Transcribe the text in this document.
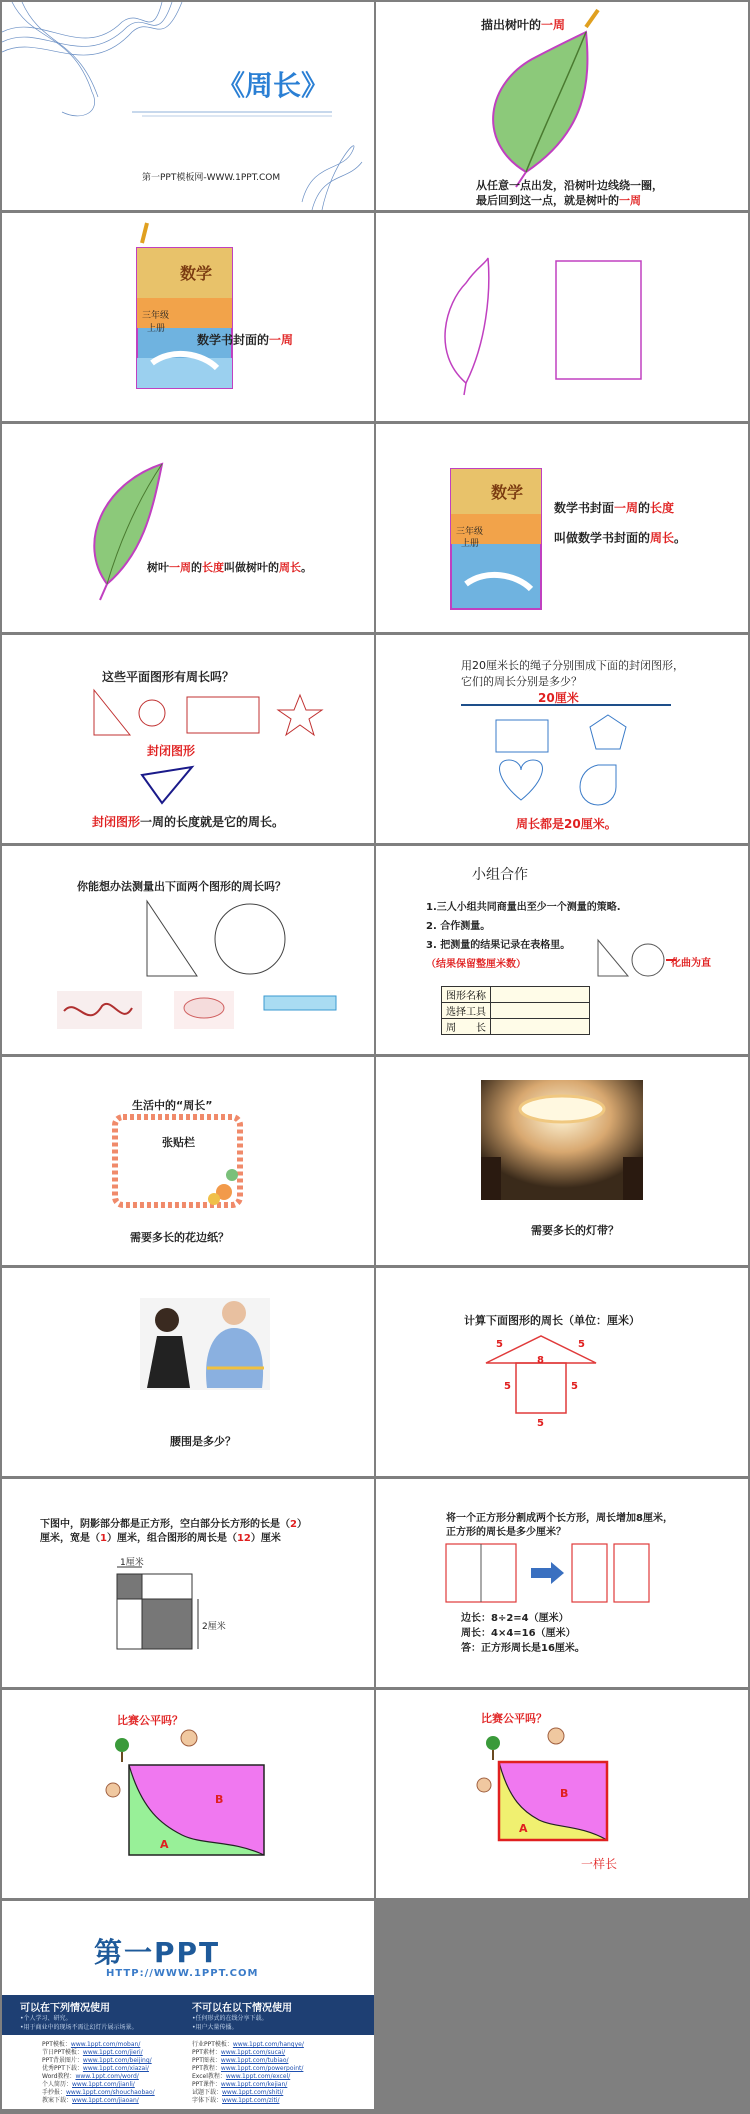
《周长》
第一PPT模板网-WWW.1PPT.COM
描出树叶的一周
从任意一点出发，沿树叶边线绕一圈，
最后回到这一点，就是树叶的一周
数学
三年级
上册
数学书封面的一周
树叶一周的长度叫做树叶的周长。
数学
三年级
上册
数学书封面一周的长度
叫做数学书封面的周长。
这些平面图形有周长吗？
封闭图形
封闭图形一周的长度就是它的周长。
用20厘米长的绳子分别围成下面的封闭图形，
它们的周长分别是多少？
20厘米
周长都是20厘米。
你能想办法测量出下面两个图形的周长吗？
小组合作
1.三人小组共同商量出至少一个测量的策略.
2. 合作测量。
3. 把测量的结果记录在表格里。
（结果保留整厘米数）	化曲为直
图形名称	
选择工具	
周　　长	
生活中的“周长”
张贴栏
需要多长的花边纸？
需要多长的灯带？
腰围是多少？
计算下面图形的周长（单位：厘米）
5	5
8
5	5
5
下图中，阴影部分都是正方形，空白部分长方形的长是（2）
厘米，宽是（1）厘米，组合图形的周长是（12）厘米
1厘米
2厘米
将一个正方形分割成两个长方形，周长增加8厘米，
正方形的周长是多少厘米？
边长：8÷2=4（厘米）
周长：4×4=16（厘米）
答：正方形周长是16厘米。
比赛公平吗？
B
A
比赛公平吗？
B
A
一样长
第一PPT
HTTP://WWW.1PPT.COM
可以在下列情况使用
•个人学习、研究。
•用于商业中的现场不需让幻灯片展示场景。
不可以在以下情况使用
•任何形式的在线分享下载。
•用户大量传播。
PPT模板：www.1ppt.com/moban/
节日PPT模板：www.1ppt.com/jieri/
PPT背景图片：www.1ppt.com/beijing/
优秀PPT下载：www.1ppt.com/xiazai/
Word教程：www.1ppt.com/word/
个人简历：www.1ppt.com/jianli/
手抄报：www.1ppt.com/shouchaobao/
教案下载：www.1ppt.com/jiaoan/
行业PPT模板：www.1ppt.com/hangye/
PPT素材：www.1ppt.com/sucai/
PPT图表：www.1ppt.com/tubiao/
PPT教程：www.1ppt.com/powerpoint/
Excel教程：www.1ppt.com/excel/
PPT课件：www.1ppt.com/kejian/
试题下载：www.1ppt.com/shiti/
字体下载：www.1ppt.com/ziti/
